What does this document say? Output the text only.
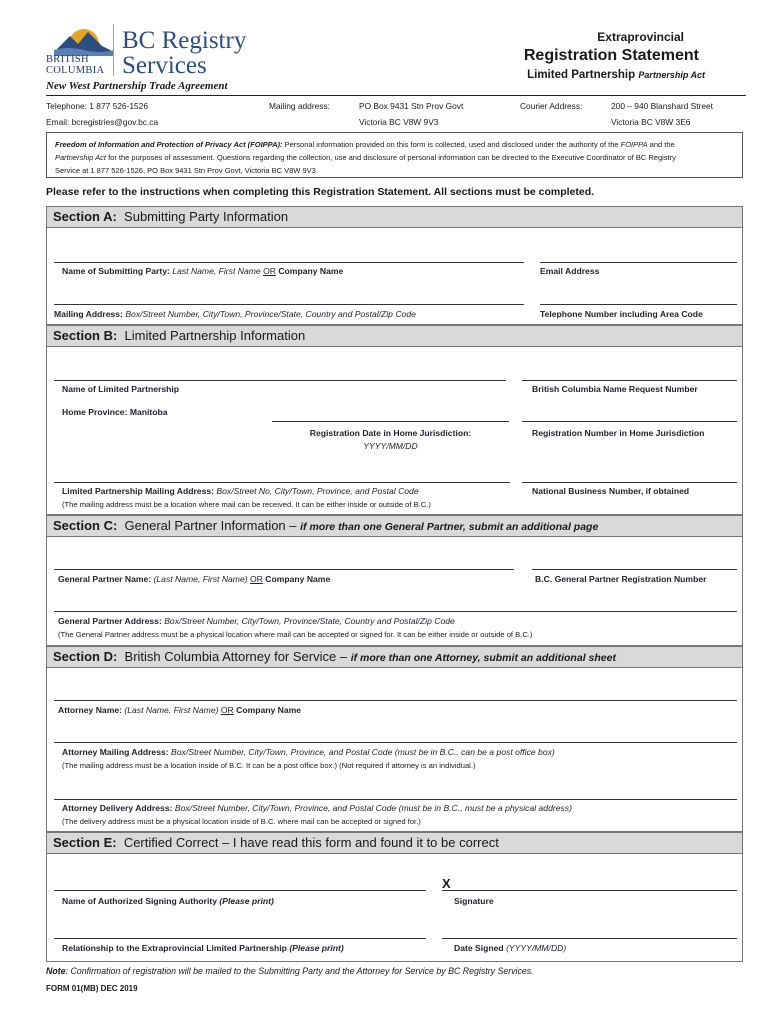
BRITISH
COLUMBIA
BC Registry
Services
New West Partnership Trade Agreement
Extraprovincial
Registration Statement
Limited Partnership Partnership Act
Telephone: 1 877 526-1526
Email: bcregistries@gov.bc.ca
Mailing address:	PO Box 9431 Stn Prov Govt
Victoria BC V8W 9V3
Courier Address:	200 – 940 Blanshard Street
Victoria BC V8W 3E6
Freedom of Information and Protection of Privacy Act (FOIPPA): Personal information provided on this form is collected, used and disclosed under the authority of the FOIPPA and the
Partnership Act for the purposes of assessment. Questions regarding the collection, use and disclosure of personal information can be directed to the Executive Coordinator of BC Registry
Service at 1 877 526-1526, PO Box 9431 Stn Prov Govt, Victoria BC V8W 9V3.
Please refer to the instructions when completing this Registration Statement. All sections must be completed.
Section A: Submitting Party Information
Name of Submitting Party: Last Name, First Name OR Company Name	Email Address
Mailing Address: Box/Street Number, City/Town, Province/State, Country and Postal/Zip Code	Telephone Number including Area Code
Section B: Limited Partnership Information
Name of Limited Partnership	British Columbia Name Request Number
Home Province: Manitoba
Registration Date in Home Jurisdiction:
YYYY/MM/DD
Registration Number in Home Jurisdiction
Limited Partnership Mailing Address: Box/Street No, City/Town, Province, and Postal Code	National Business Number, if obtained
(The mailing address must be a location where mail can be received. It can be either inside or outside of B.C.)
Section C: General Partner Information – if more than one General Partner, submit an additional page
General Partner Name: (Last Name, First Name) OR Company Name	B.C. General Partner Registration Number
General Partner Address: Box/Street Number, City/Town, Province/State, Country and Postal/Zip Code
(The General Partner address must be a physical location where mail can be accepted or signed for. It can be either inside or outside of B.C.)
Section D: British Columbia Attorney for Service – if more than one Attorney, submit an additional sheet
Attorney Name: (Last Name, First Name) OR Company Name
Attorney Mailing Address: Box/Street Number, City/Town, Province, and Postal Code (must be in B.C., can be a post office box)
(The mailing address must be a location inside of B.C. It can be a post office box.) (Not required if attorney is an individual.)
Attorney Delivery Address: Box/Street Number, City/Town, Province, and Postal Code (must be in B.C., must be a physical address)
(The delivery address must be a physical location inside of B.C. where mail can be accepted or signed for.)
Section E: Certified Correct – I have read this form and found it to be correct
X
Name of Authorized Signing Authority (Please print)	Signature
Relationship to the Extraprovincial Limited Partnership (Please print)	Date Signed (YYYY/MM/DD)
Note: Confirmation of registration will be mailed to the Submitting Party and the Attorney for Service by BC Registry Services.
FORM 01(MB) DEC 2019
